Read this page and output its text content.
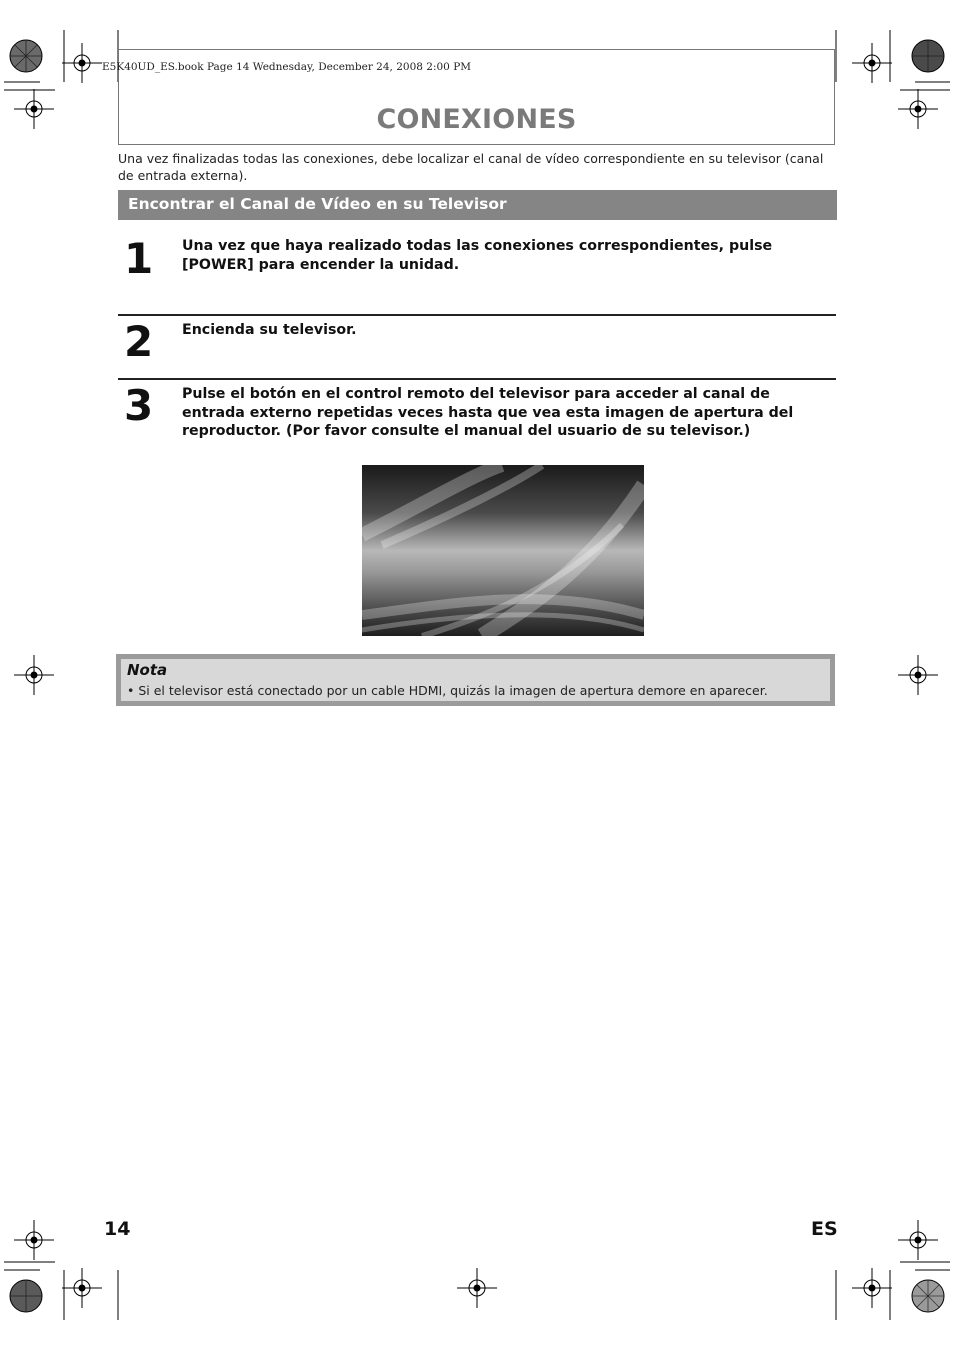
E5K40UD_ES.book Page 14 Wednesday, December 24, 2008 2:00 PM
CONEXIONES
Una vez finalizadas todas las conexiones, debe localizar el canal de vídeo correspondiente en su televisor (canal de entrada externa).
Encontrar el Canal de Vídeo en su Televisor
1 Una vez que haya realizado todas las conexiones correspondientes, pulse [POWER] para encender la unidad.
2 Encienda su televisor.
3 Pulse el botón en el control remoto del televisor para acceder al canal de entrada externo repetidas veces hasta que vea esta imagen de apertura del reproductor. (Por favor consulte el manual del usuario de su televisor.)
Nota
• Si el televisor está conectado por un cable HDMI, quizás la imagen de apertura demore en aparecer.
14	ES
